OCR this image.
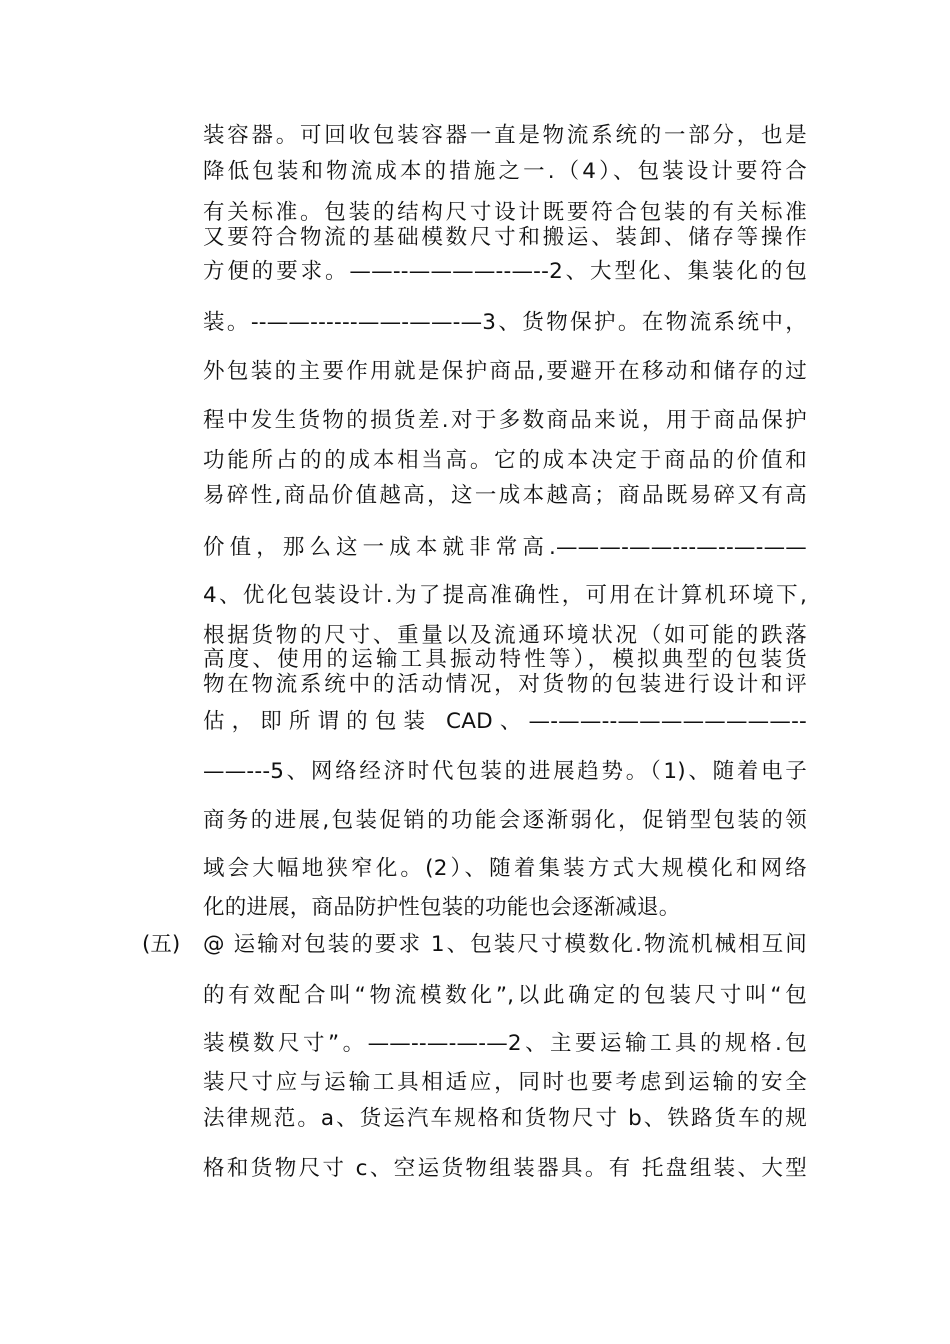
装容器。可回收包装容器一直是物流系统的一部分，也是
降低包装和物流成本的措施之一.（4）、包装设计要符合
有关标准。包装的结构尺寸设计既要符合包装的有关标准
又要符合物流的基础模数尺寸和搬运、装卸、储存等操作
方便的要求。——--————--—--2、大型化、集装化的包
装。--——------——-——-—3、货物保护。在物流系统中，
外包装的主要作用就是保护商品,要避开在移动和储存的过
程中发生货物的损货差.对于多数商品来说，用于商品保护
功能所占的的成本相当高。它的成本决定于商品的价值和
易碎性,商品价值越高，这一成本越高；商品既易碎又有高
价值，那么这一成本就非常高.———-——---—--—-——
4、优化包装设计.为了提高准确性，可用在计算机环境下,
根据货物的尺寸、重量以及流通环境状况（如可能的跌落
高度、使用的运输工具振动特性等），模拟典型的包装货
物在物流系统中的活动情况，对货物的包装进行设计和评
估，即所谓的包装 CAD、—-——--————————--
——---5、网络经济时代包装的进展趋势。（1)、随着电子
商务的进展,包装促销的功能会逐渐弱化，促销型包装的领
域会大幅地狭窄化。(2）、随着集装方式大规模化和网络
化的进展，商品防护性包装的功能也会逐渐减退。
(五) @ 运输对包装的要求 1、包装尺寸模数化.物流机械相互间
的有效配合叫“物流模数化”,以此确定的包装尺寸叫“包
装模数尺寸”。——--—-—-—2、主要运输工具的规格.包
装尺寸应与运输工具相适应，同时也要考虑到运输的安全
法律规范。a、货运汽车规格和货物尺寸 b、铁路货车的规
格和货物尺寸 c、空运货物组装器具。有 托盘组装、大型
